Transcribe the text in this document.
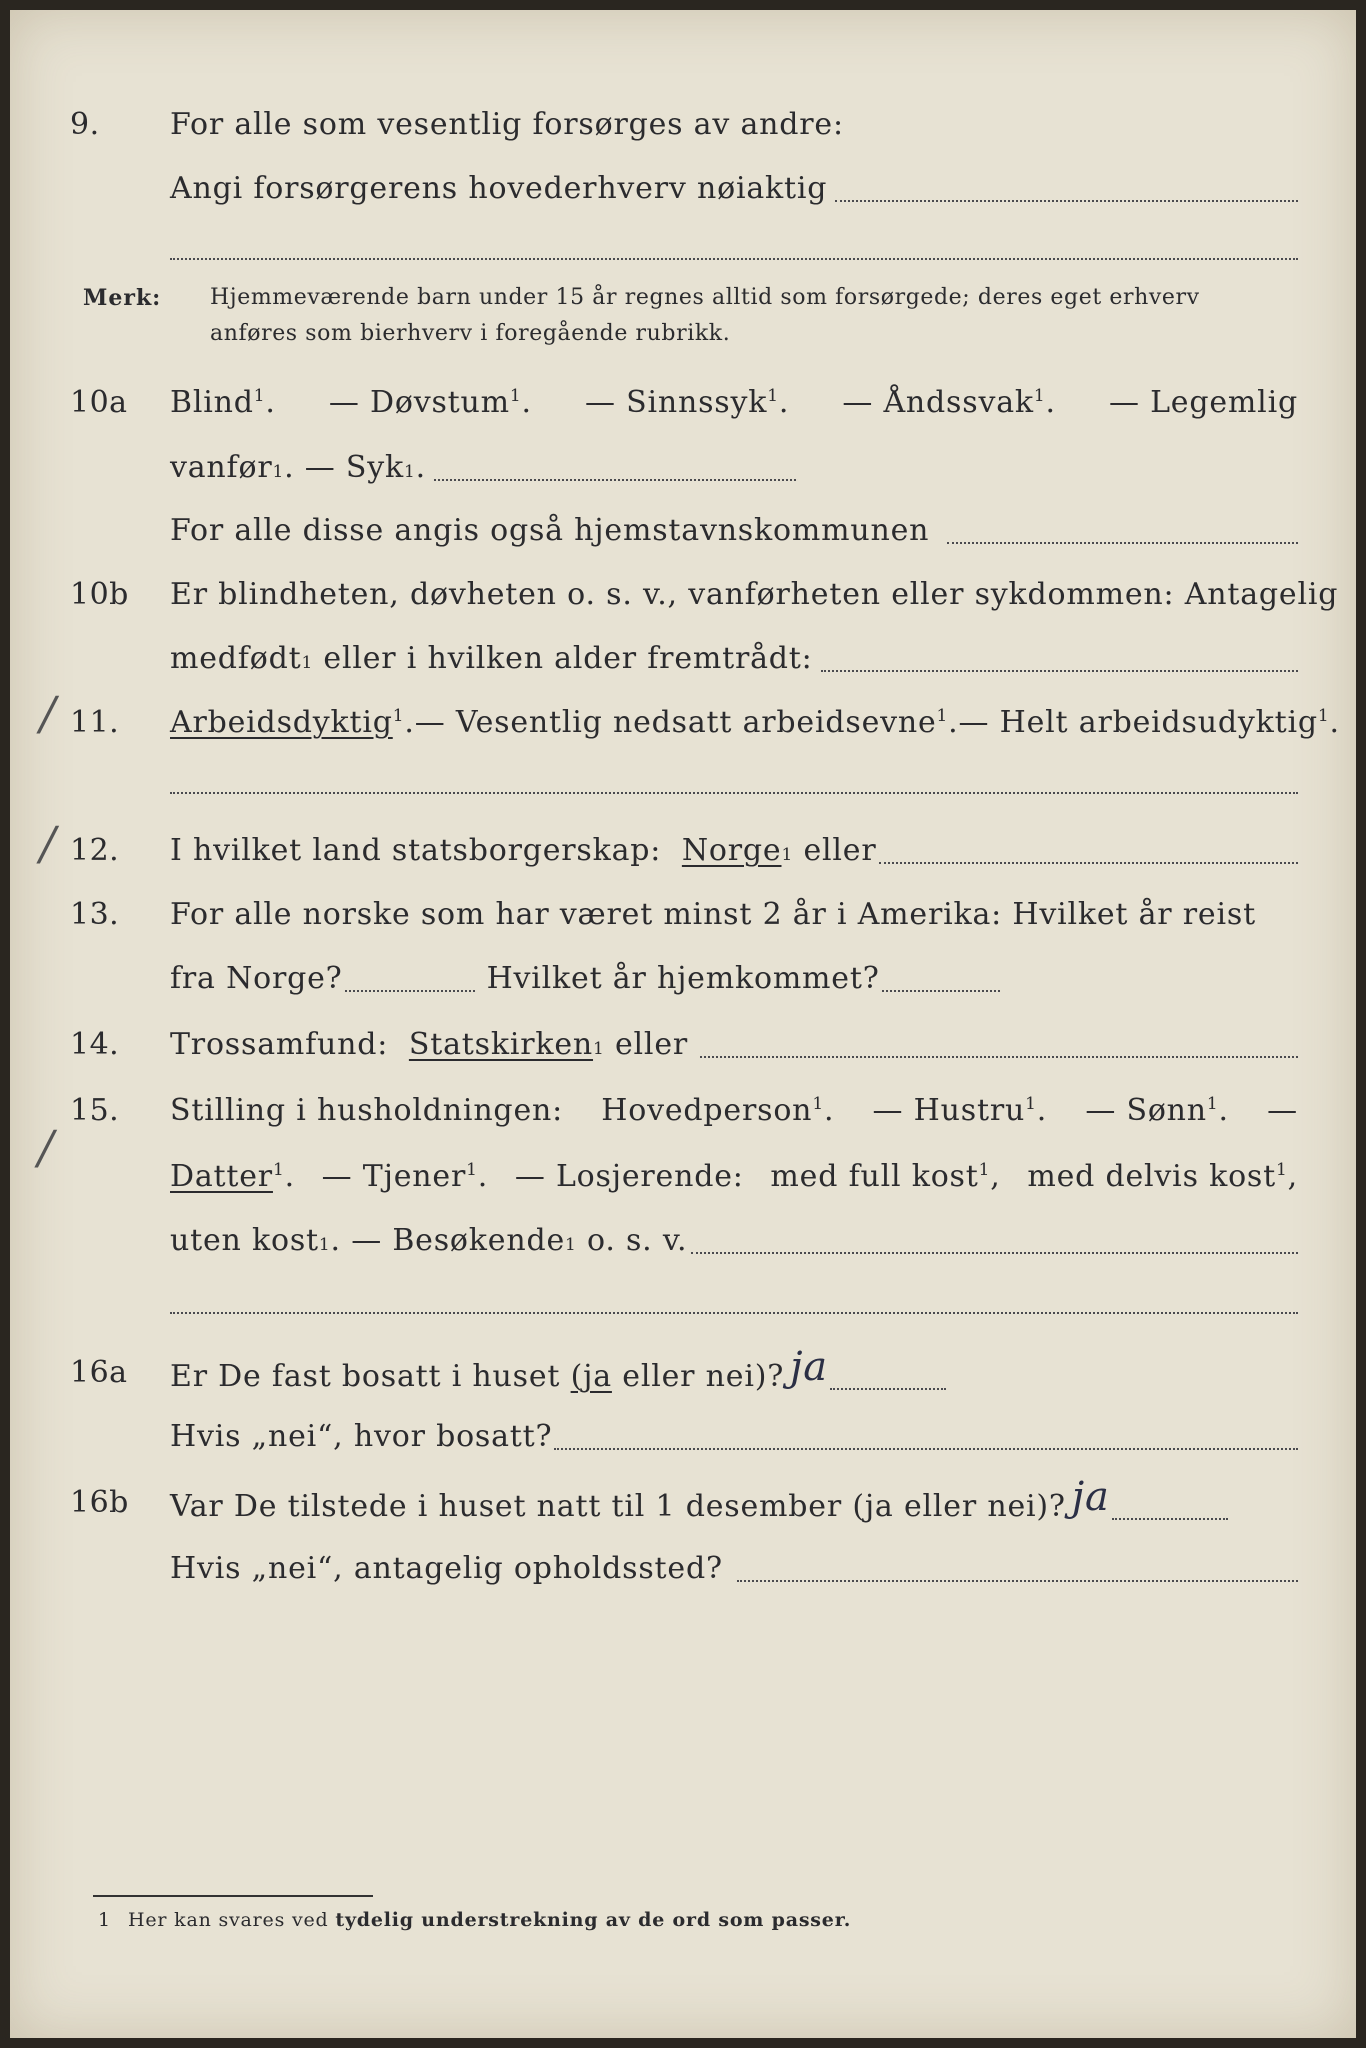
9.	For alle som vesentlig forsørges av andre:
Angi forsørgerens hovederhverv nøiaktig
Merk: Hjemmeværende barn under 15 år regnes alltid som forsørgede; deres eget erhverv
anføres som bierhverv i foregående rubrikk.
10a	Blind$^1$. — Døvstum$^1$. — Sinnssyk$^1$. — Åndssvak$^1$. — Legemlig
vanfør 1 . — Syk 1 .
For alle disse angis også hjemstavnskommunen
10b	Er blindheten, døvheten o. s. v., vanførheten eller sykdommen: Antagelig
medfødt 1
eller i hvilken alder fremtrådt:
/ 11.	Arbeidsdyktig$^1$. — Vesentlig nedsatt arbeidsevne$^1$. — Helt arbeidsudyktig$^1$.
/ 12.	I hvilket land statsborgerskap:
Norge 1
eller
13.	For alle norske som har været minst 2 år i Amerika: Hvilket år reist
fra Norge?	Hvilket år hjemkommet?
14.	Trossamfund:
Statskirken 1
eller
/
15.	Stilling i husholdningen: Hovedperson$^1$. — Hustru$^1$. — Sønn$^1$. —
Datter$^1$. — Tjener$^1$. — Losjerende: med full kost$^1$, med delvis kost$^1$,
uten kost 1 . — Besøkende 1
o. s. v.
16a	Er De fast bosatt i huset
(ja
eller nei)? ja
Hvis „nei“, hvor bosatt?
16b	Var De tilstede i huset natt til 1 desember (ja eller nei)? ja
Hvis „nei“, antagelig opholdssted?
1 Her kan svares ved tydelig understrekning av de ord som passer.
